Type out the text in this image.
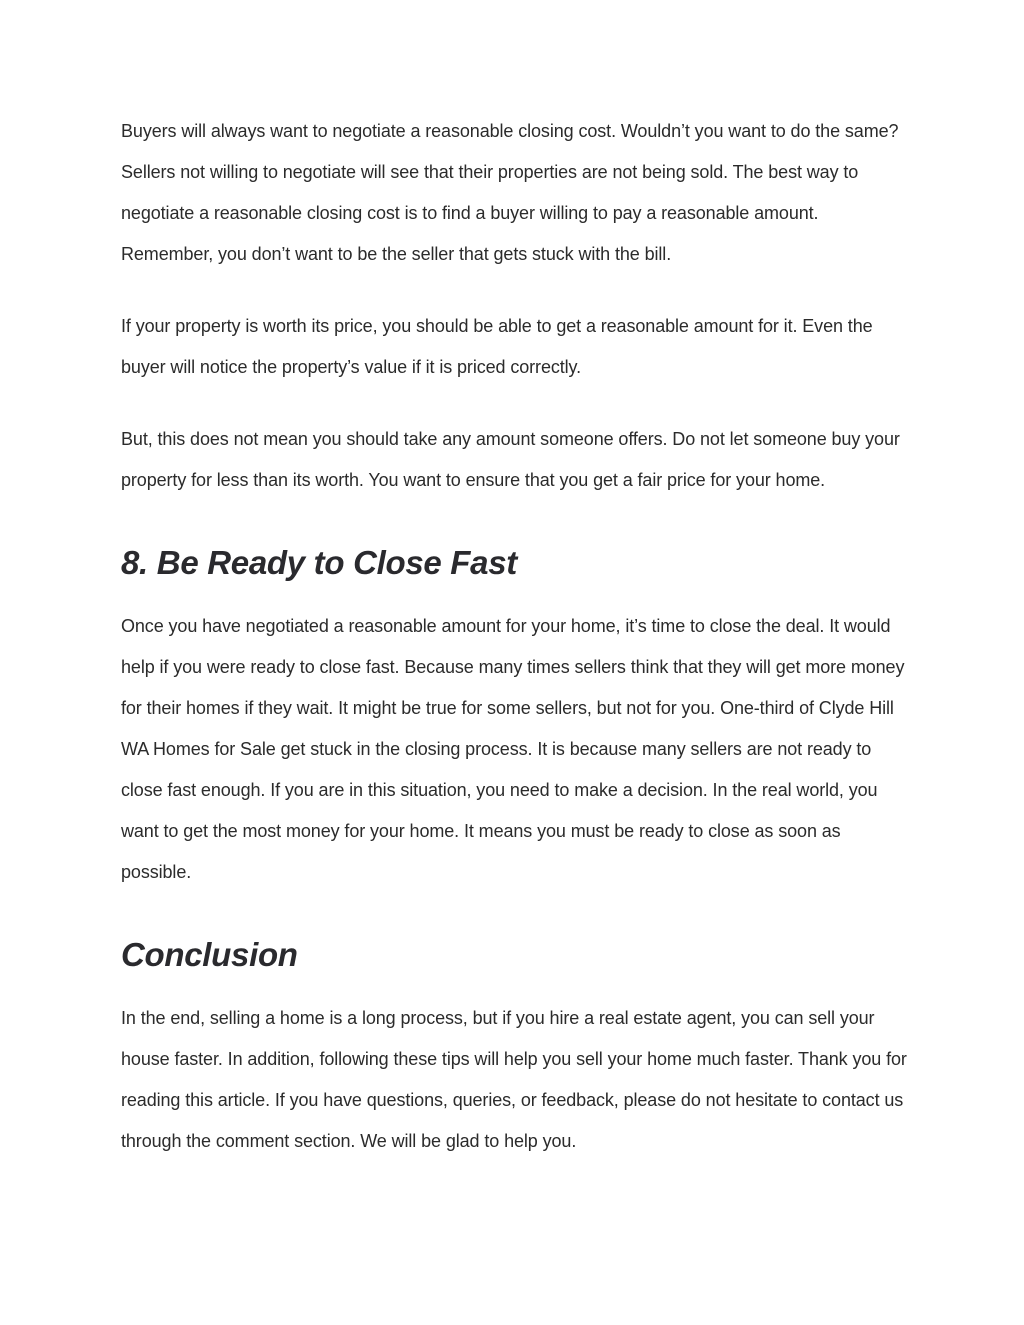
Buyers will always want to negotiate a reasonable closing cost. Wouldn’t you want to do the same? Sellers not willing to negotiate will see that their properties are not being sold. The best way to negotiate a reasonable closing cost is to find a buyer willing to pay a reasonable amount. Remember, you don’t want to be the seller that gets stuck with the bill.

If your property is worth its price, you should be able to get a reasonable amount for it. Even the buyer will notice the property’s value if it is priced correctly.

But, this does not mean you should take any amount someone offers. Do not let someone buy your property for less than its worth. You want to ensure that you get a fair price for your home.

8. Be Ready to Close Fast

Once you have negotiated a reasonable amount for your home, it’s time to close the deal. It would help if you were ready to close fast. Because many times sellers think that they will get more money for their homes if they wait. It might be true for some sellers, but not for you. One-third of Clyde Hill WA Homes for Sale get stuck in the closing process. It is because many sellers are not ready to close fast enough. If you are in this situation, you need to make a decision. In the real world, you want to get the most money for your home. It means you must be ready to close as soon as possible.

Conclusion

In the end, selling a home is a long process, but if you hire a real estate agent, you can sell your house faster. In addition, following these tips will help you sell your home much faster. Thank you for reading this article. If you have questions, queries, or feedback, please do not hesitate to contact us through the comment section. We will be glad to help you.
